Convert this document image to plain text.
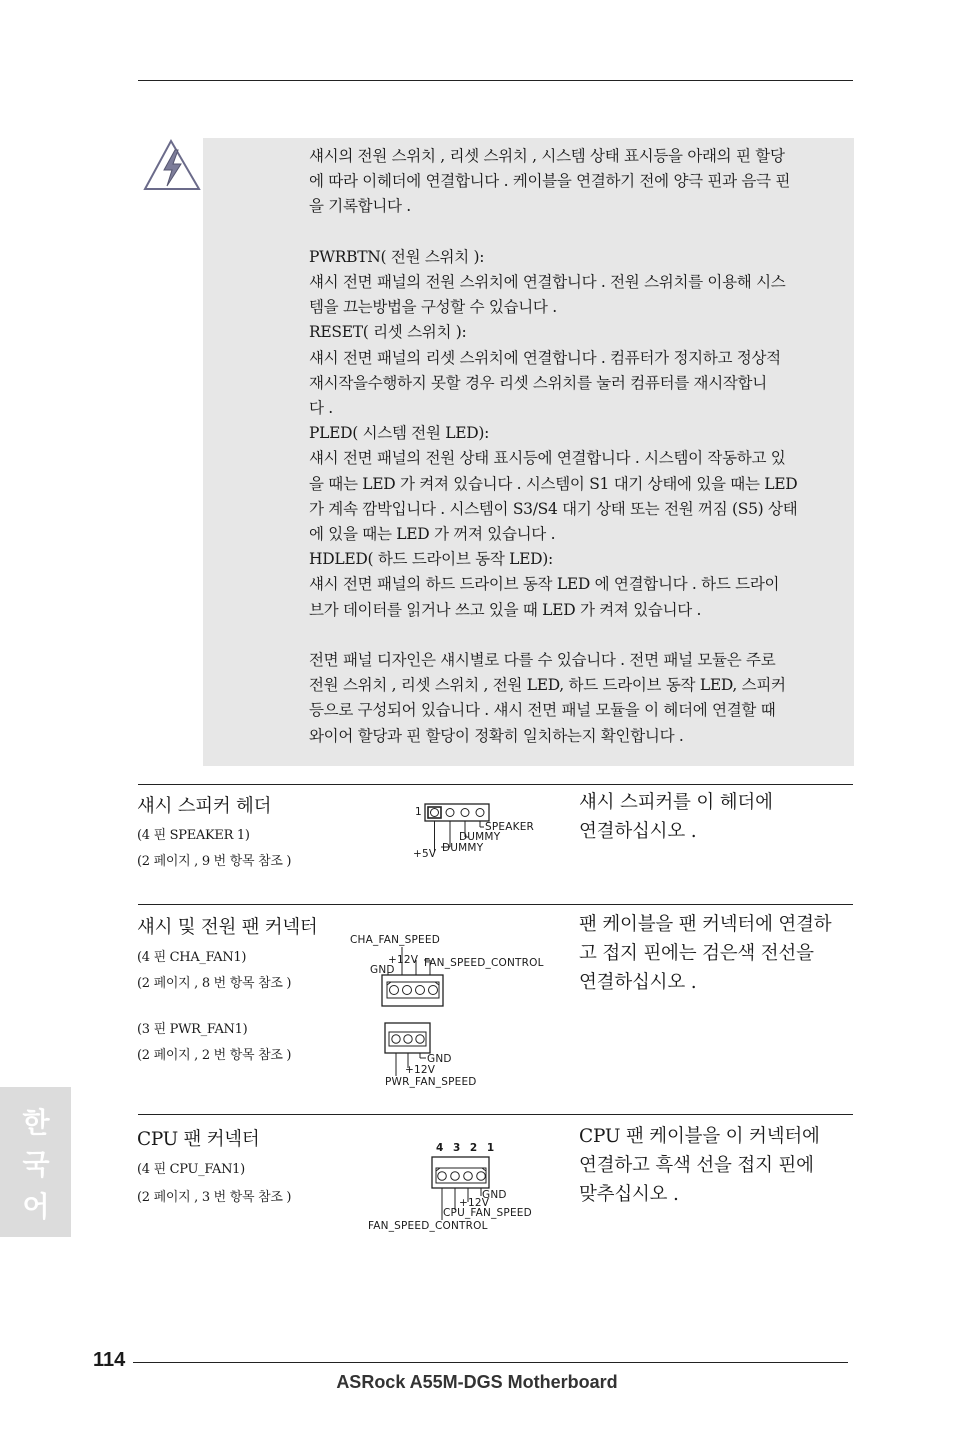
섀시의 전원 스위치 , 리셋 스위치 , 시스템 상태 표시등을 아래의 핀 할당

에 따라 이헤더에 연결합니다 . 케이블을 연결하기 전에 양극 핀과 음극 핀

을 기록합니다 .

PWRBTN( 전원 스위치 ):

섀시 전면 패널의 전원 스위치에 연결합니다 . 전원 스위치를 이용해 시스

템을 끄는방법을 구성할 수 있습니다 .

RESET( 리셋 스위치 ):

섀시 전면 패널의 리셋 스위치에 연결합니다 . 컴퓨터가 정지하고 정상적

재시작을수행하지 못할 경우 리셋 스위치를 눌러 컴퓨터를 재시작합니

다 .

PLED( 시스템 전원 LED):

섀시 전면 패널의 전원 상태 표시등에 연결합니다 . 시스템이 작동하고 있

을 때는 LED 가 켜져 있습니다 . 시스템이 S1 대기 상태에 있을 때는 LED

가 계속 깜박입니다 . 시스템이 S3/S4 대기 상태 또는 전원 꺼짐 (S5) 상태

에 있을 때는 LED 가 꺼져 있습니다 .

HDLED( 하드 드라이브 동작 LED):

섀시 전면 패널의 하드 드라이브 동작 LED 에 연결합니다 . 하드 드라이

브가 데이터를 읽거나 쓰고 있을 때 LED 가 켜져 있습니다 .

전면 패널 디자인은 섀시별로 다를 수 있습니다 . 전면 패널 모듈은 주로

전원 스위치 , 리셋 스위치 , 전원 LED, 하드 드라이브 동작 LED, 스피커

등으로 구성되어 있습니다 . 섀시 전면 패널 모듈을 이 헤더에 연결할 때

와이어 할당과 핀 할당이 정확히 일치하는지 확인합니다 .

섀시 스피커 헤더
(4 핀 SPEAKER 1)
(2 페이지 , 9 번 항목 참조 )
1
SPEAKER
DUMMY
+5V DUMMY

섀시 스피커를 이 헤더에

연결하십시오 .

섀시 및 전원 팬 커넥터
(4 핀 CHA_FAN1)
(2 페이지 , 8 번 항목 참조 )
(3 핀 PWR_FAN1)
(2 페이지 , 2 번 항목 참조 )
CHA_FAN_SPEED
+12V
GND
FAN_SPEED_CONTROL
GND
+12V
PWR_FAN_SPEED

팬 케이블을 팬 커넥터에 연결하

고 접지 핀에는 검은색 전선을

연결하십시오 .

CPU 팬 커넥터
(4 핀 CPU_FAN1)
(2 페이지 , 3 번 항목 참조 )
4 3 2 1
GND
+12V
CPU_FAN_SPEED
FAN_SPEED_CONTROL

CPU 팬 케이블을 이 커넥터에

연결하고 흑색 선을 접지 핀에

맞추십시오 .

한
국
어
114
ASRock A55M-DGS Motherboard
